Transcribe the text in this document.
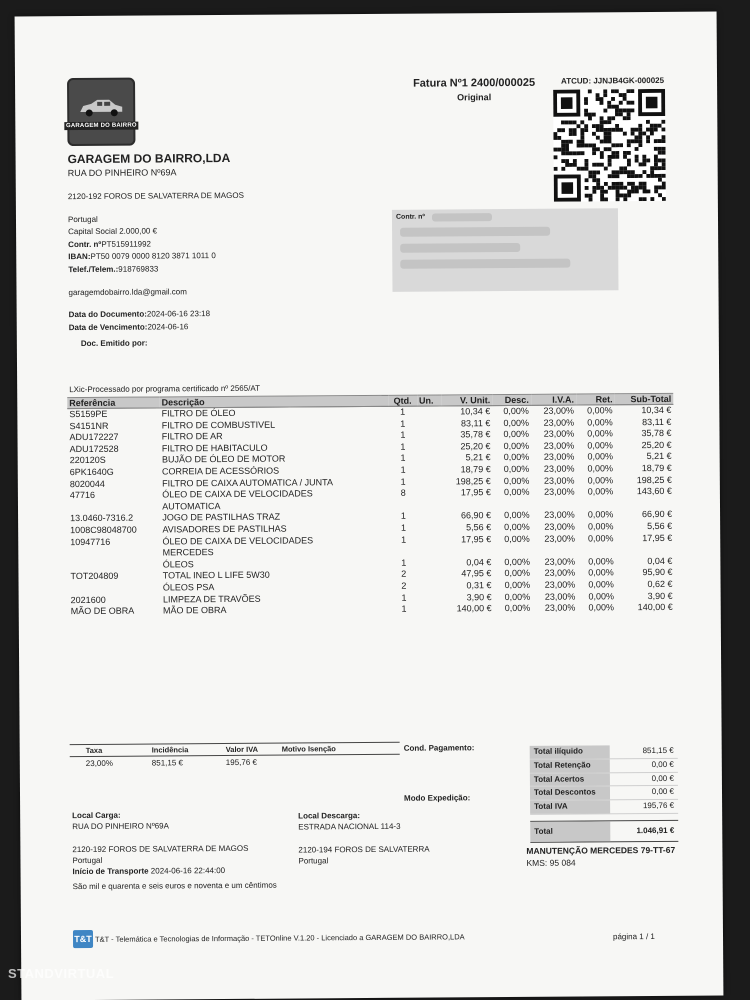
GARAGEM DO BAIRRO
GARAGEM DO BAIRRO,LDA
RUA DO PINHEIRO Nº69A
2120-192 FOROS DE SALVATERRA DE MAGOS
Portugal
Capital Social 2.000,00 €
Contr. nºPT515911992
IBAN:PT50 0079 0000 8120 3871 1011 0
Telef./Telem.:918769833
garagemdobairro.lda@gmail.com
Data do Documento:2024-06-16 23:18
Data de Vencimento:2024-06-16
Doc. Emitido por:
Fatura Nº1 2400/000025
Original
ATCUD: JJNJB4GK-000025
Contr. nº
LXic-Processado por programa certificado nº 2565/AT
Referência	Descrição	Qtd.	Un.	V. Unit.	Desc.	I.V.A.	Ret.	Sub-Total
S5159PE	FILTRO DE ÓLEO	1		10,34 €	0,00%	23,00%	0,00%	10,34 €
S4151NR	FILTRO DE COMBUSTIVEL	1		83,11 €	0,00%	23,00%	0,00%	83,11 €
ADU172227	FILTRO DE AR	1		35,78 €	0,00%	23,00%	0,00%	35,78 €
ADU172528	FILTRO DE HABITACULO	1		25,20 €	0,00%	23,00%	0,00%	25,20 €
220120S	BUJÃO DE ÓLEO DE MOTOR	1		5,21 €	0,00%	23,00%	0,00%	5,21 €
6PK1640G	CORREIA DE ACESSÓRIOS	1		18,79 €	0,00%	23,00%	0,00%	18,79 €
8020044	FILTRO DE CAIXA AUTOMATICA / JUNTA	1		198,25 €	0,00%	23,00%	0,00%	198,25 €
47716	ÓLEO DE CAIXA DE VELOCIDADES	8		17,95 €	0,00%	23,00%	0,00%	143,60 €
	AUTOMATICA							
13.0460-7316.2	JOGO DE PASTILHAS TRAZ	1		66,90 €	0,00%	23,00%	0,00%	66,90 €
1008C98048700	AVISADORES DE PASTILHAS	1		5,56 €	0,00%	23,00%	0,00%	5,56 €
10947716	ÓLEO DE CAIXA DE VELOCIDADES	1		17,95 €	0,00%	23,00%	0,00%	17,95 €
	MERCEDES							
	ÓLEOS	1		0,04 €	0,00%	23,00%	0,00%	0,04 €
TOT204809	TOTAL INEO L LIFE 5W30	2		47,95 €	0,00%	23,00%	0,00%	95,90 €
	ÓLEOS PSA	2		0,31 €	0,00%	23,00%	0,00%	0,62 €
2021600	LIMPEZA DE TRAVÕES	1		3,90 €	0,00%	23,00%	0,00%	3,90 €
MÃO DE OBRA	MÃO DE OBRA	1		140,00 €	0,00%	23,00%	0,00%	140,00 €
Taxa	Incidência	Valor IVA	Motivo Isenção
23,00%	851,15 €	195,76 €
Cond. Pagamento:
Modo Expedição:
Total ilíquido	851,15 €
Total Retenção	0,00 €
Total Acertos	0,00 €
Total Descontos	0,00 €
Total IVA	195,76 €
Total	1.046,91 €
Local Carga:
RUA DO PINHEIRO Nº69A
2120-192 FOROS DE SALVATERRA DE MAGOS
Portugal
Início de Transporte 2024-06-16 22:44:00
São mil e quarenta e seis euros e noventa e um cêntimos
Local Descarga:
ESTRADA NACIONAL 114-3
2120-194 FOROS DE SALVATERRA
Portugal
MANUTENÇÃO MERCEDES 79-TT-67
KMS: 95 084
T&T T&T - Telemática e Tecnologias de Informação - TETOnline V.1.20 - Licenciado a GARAGEM DO BAIRRO,LDA	página 1 / 1
STANDVIRTUAL
